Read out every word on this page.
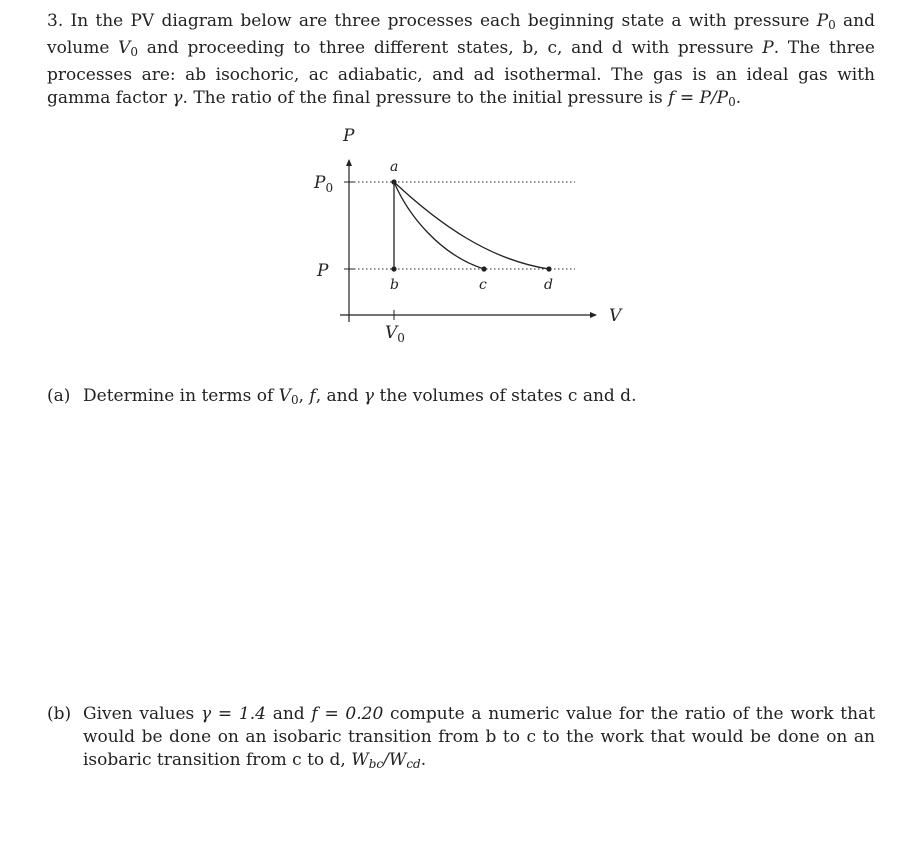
3. In the PV diagram below are three processes each beginning state a with pressure $P_0$ and volume $V_0$ and proceeding to three different states, b, c, and d with pressure P. The three processes are: ab isochoric, ac adiabatic, and ad isothermal. The gas is an ideal gas with gamma factor γ. The ratio of the final pressure to the initial pressure is $f = P/P_0$.
P
V
$P_0$
P
$V_0$
a
b	c	d
(a) Determine in terms of $V_0$, f, and γ the volumes of states c and d.
(b) Given values γ = 1.4 and f = 0.20 compute a numeric value for the ratio of the work that would be done on an isobaric transition from b to c to the work that would be done on an isobaric transition from c to d, Wbc/Wcd.
